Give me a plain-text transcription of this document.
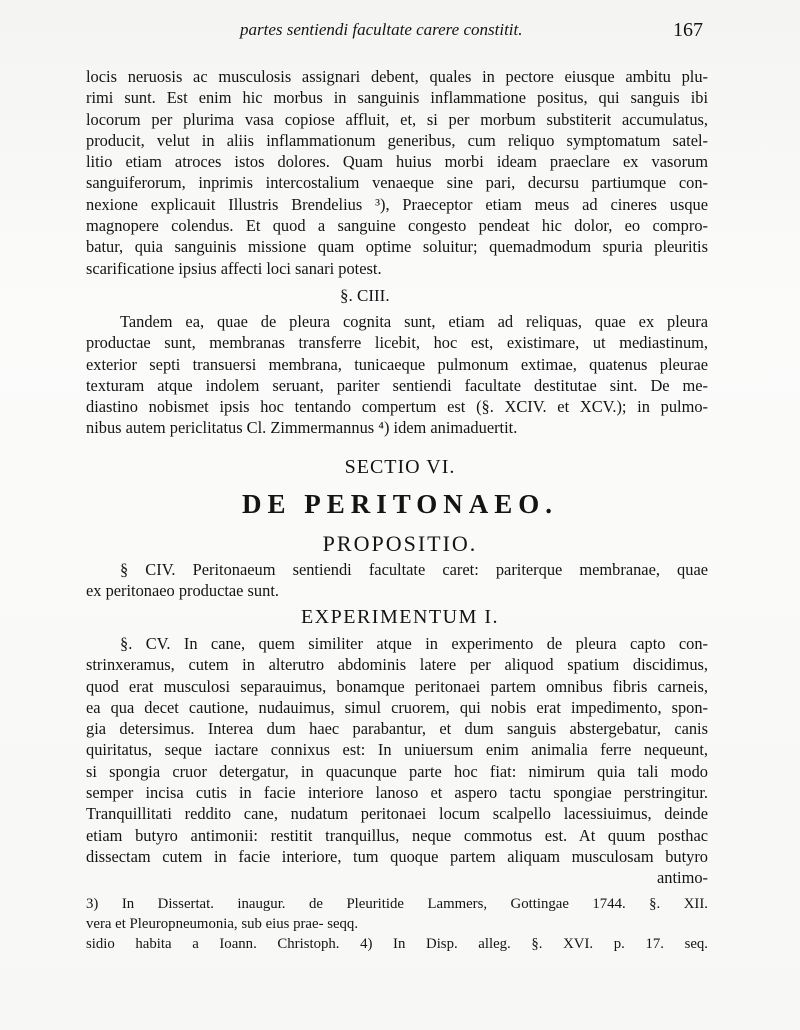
partes sentiendi facultate carere constitit.	167
locis neruosis ac musculosis assignari debent, quales in pectore eiusque ambitu plu-
rimi sunt. Est enim hic morbus in sanguinis inflammatione positus, qui sanguis ibi
locorum per plurima vasa copiose affluit, et, si per morbum substiterit accumulatus,
producit, velut in aliis inflammationum generibus, cum reliquo symptomatum satel-
litio etiam atroces istos dolores. Quam huius morbi ideam praeclare ex vasorum
sanguiferorum, inprimis intercostalium venaeque sine pari, decursu partiumque con-
nexione explicauit Illustris Brendelius ³), Praeceptor etiam meus ad cineres usque
magnopere colendus. Et quod a sanguine congesto pendeat hic dolor, eo compro-
batur, quia sanguinis missione quam optime soluitur; quemadmodum spuria pleuritis
scarificatione ipsius affecti loci sanari potest.
§. CIII.
Tandem ea, quae de pleura cognita sunt, etiam ad reliquas, quae ex pleura
productae sunt, membranas transferre licebit, hoc est, existimare, ut mediastinum,
exterior septi transuersi membrana, tunicaeque pulmonum extimae, quatenus pleurae
texturam atque indolem seruant, pariter sentiendi facultate destitutae sint. De me-
diastino nobismet ipsis hoc tentando compertum est (§. XCIV. et XCV.); in pulmo-
nibus autem periclitatus Cl. Zimmermannus ⁴) idem animaduertit.
SECTIO VI.
DE PERITONAEO.
PROPOSITIO.
§ CIV. Peritonaeum sentiendi facultate caret: pariterque membranae, quae
ex peritonaeo productae sunt.
EXPERIMENTUM I.
§. CV. In cane, quem similiter atque in experimento de pleura capto con-
strinxeramus, cutem in alterutro abdominis latere per aliquod spatium discidimus,
quod erat musculosi separauimus, bonamque peritonaei partem omnibus fibris carneis,
ea qua decet cautione, nudauimus, simul cruorem, qui nobis erat impedimento, spon-
gia detersimus. Interea dum haec parabantur, et dum sanguis abstergebatur, canis
quiritatus, seque iactare connixus est: In uniuersum enim animalia ferre nequeunt,
si spongia cruor detergatur, in quacunque parte hoc fiat: nimirum quia tali modo
semper incisa cutis in facie interiore lanoso et aspero tactu spongiae perstringitur.
Tranquillitati reddito cane, nudatum peritonaei locum scalpello lacessiuimus, deinde
etiam butyro antimonii: restitit tranquillus, neque commotus est. At quum posthac
dissectam cutem in facie interiore, tum quoque partem aliquam musculosam butyro
antimo-
3) In Dissertat. inaugur. de Pleuritide Lammers, Gottingae 1744. §. XII.
vera et Pleuropneumonia, sub eius prae- seqq.
sidio habita a Ioann. Christoph. 4) In Disp. alleg. §. XVI. p. 17. seq.
